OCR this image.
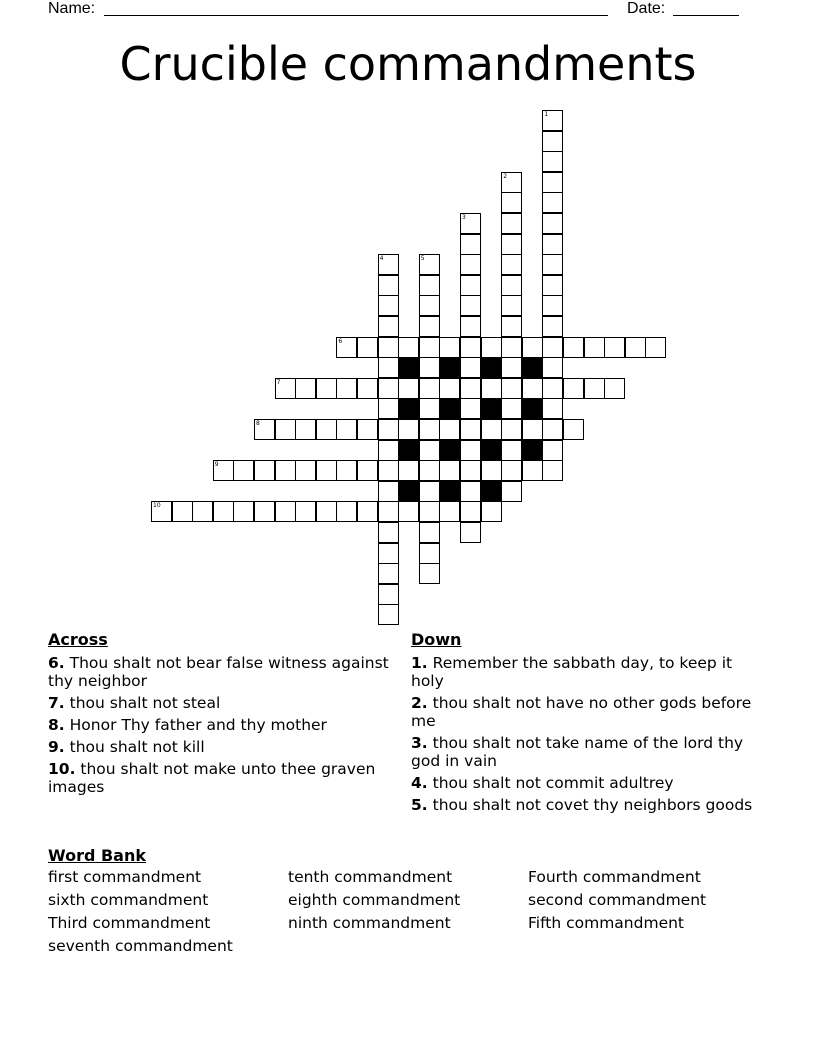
Name:	Date:
Crucible commandments
6
7
8
9
10
1
2
3
4	5
Across
6. Thou shalt not bear false witness against thy neighbor
7. thou shalt not steal
8. Honor Thy father and thy mother
9. thou shalt not kill
10. thou shalt not make unto thee graven images
Down
1. Remember the sabbath day, to keep it holy
2. thou shalt not have no other gods before me
3. thou shalt not take name of the lord thy god in vain
4. thou shalt not commit adultrey
5. thou shalt not covet thy neighbors goods
Word Bank
first commandment	tenth commandment	Fourth commandment
sixth commandment	eighth commandment	second commandment
Third commandment	ninth commandment	Fifth commandment
seventh commandment
